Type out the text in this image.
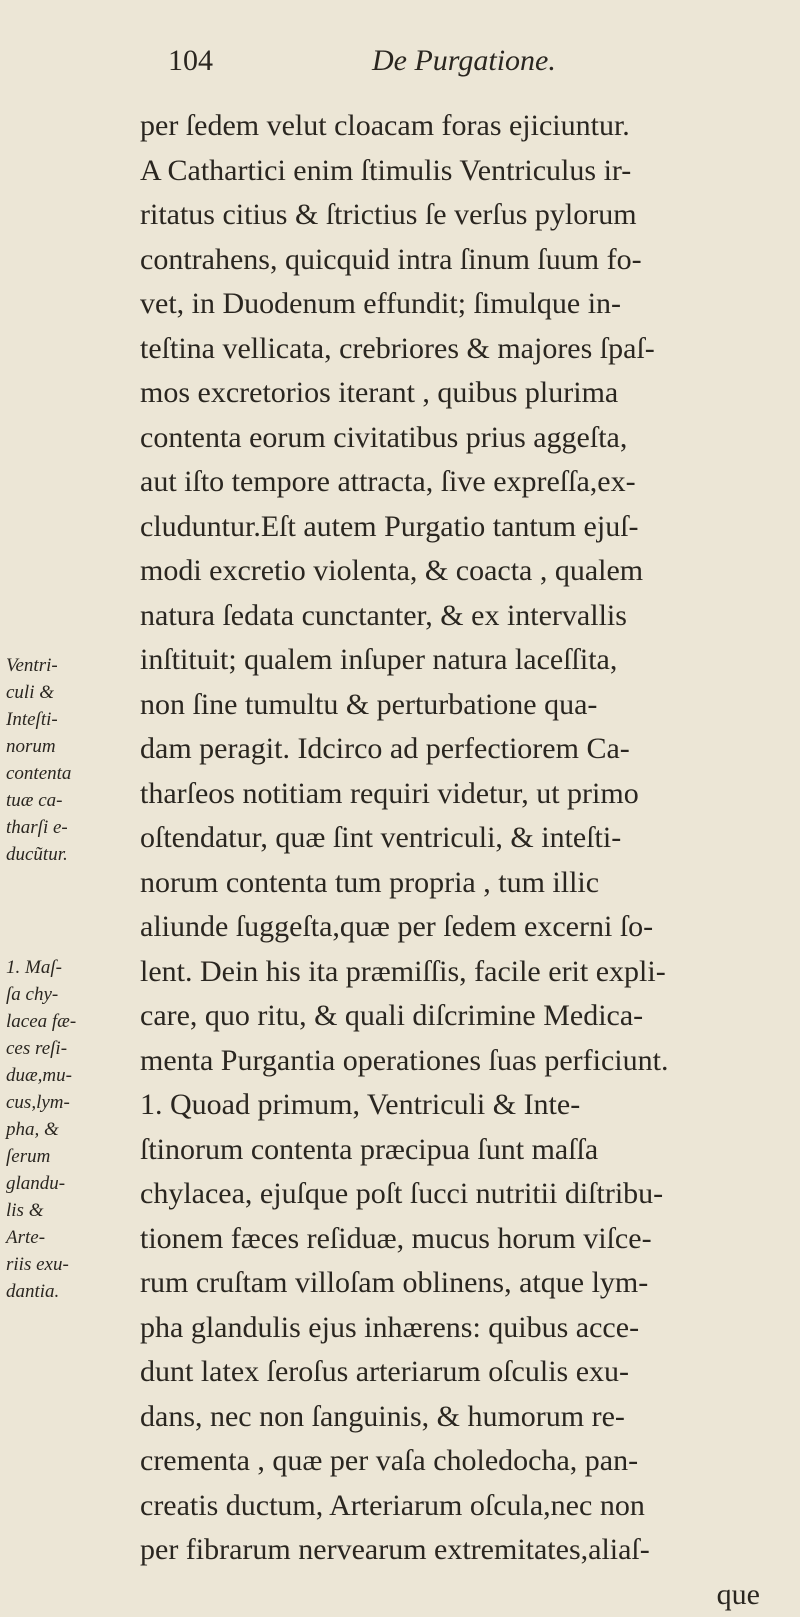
104	De Purgatione.
per ſedem velut cloacam foras ejiciuntur.
A Cathartici enim ſtimulis Ventriculus ir-
ritatus citius & ſtrictius ſe verſus pylorum
contrahens, quicquid intra ſinum ſuum fo-
vet, in Duodenum effundit; ſimulque in-
teſtina vellicata, crebriores & majores ſpaſ-
mos excretorios iterant , quibus plurima
contenta eorum civitatibus prius aggeſta,
aut iſto tempore attracta, ſive expreſſa,ex-
cluduntur.Eſt autem Purgatio tantum ejuſ-
modi excretio violenta, & coacta , qualem
natura ſedata cunctanter, & ex intervallis
inſtituit; qualem inſuper natura laceſſita,
non ſine tumultu & perturbatione qua-
dam peragit. Idcirco ad perfectiorem Ca-
tharſeos notitiam requiri videtur, ut primo
oſtendatur, quæ ſint ventriculi, & inteſti-
norum contenta tum propria , tum illic
aliunde ſuggeſta,quæ per ſedem excerni ſo-
lent. Dein his ita præmiſſis, facile erit expli-
care, quo ritu, & quali diſcrimine Medica-
menta Purgantia operationes ſuas perficiunt.
1. Quoad primum, Ventriculi & Inte-
ſtinorum contenta præcipua ſunt maſſa
chylacea, ejuſque poſt ſucci nutritii diſtribu-
tionem fæces reſiduæ, mucus horum viſce-
rum cruſtam villoſam oblinens, atque lym-
pha glandulis ejus inhærens: quibus acce-
dunt latex ſeroſus arteriarum oſculis exu-
dans, nec non ſanguinis, & humorum re-
crementa , quæ per vaſa choledocha, pan-
creatis ductum, Arteriarum oſcula,nec non
per fibrarum nervearum extremitates,aliaſ-
que
Ventri-
culi &
Inteſti-
norum
contenta
tuæ ca-
tharſi e-
ducũtur.
1. Maſ-
ſa chy-
lacea fæ-
ces reſi-
duæ,mu-
cus,lym-
pha, &
ſerum
glandu-
lis &
Arte-
riis exu-
dantia.
